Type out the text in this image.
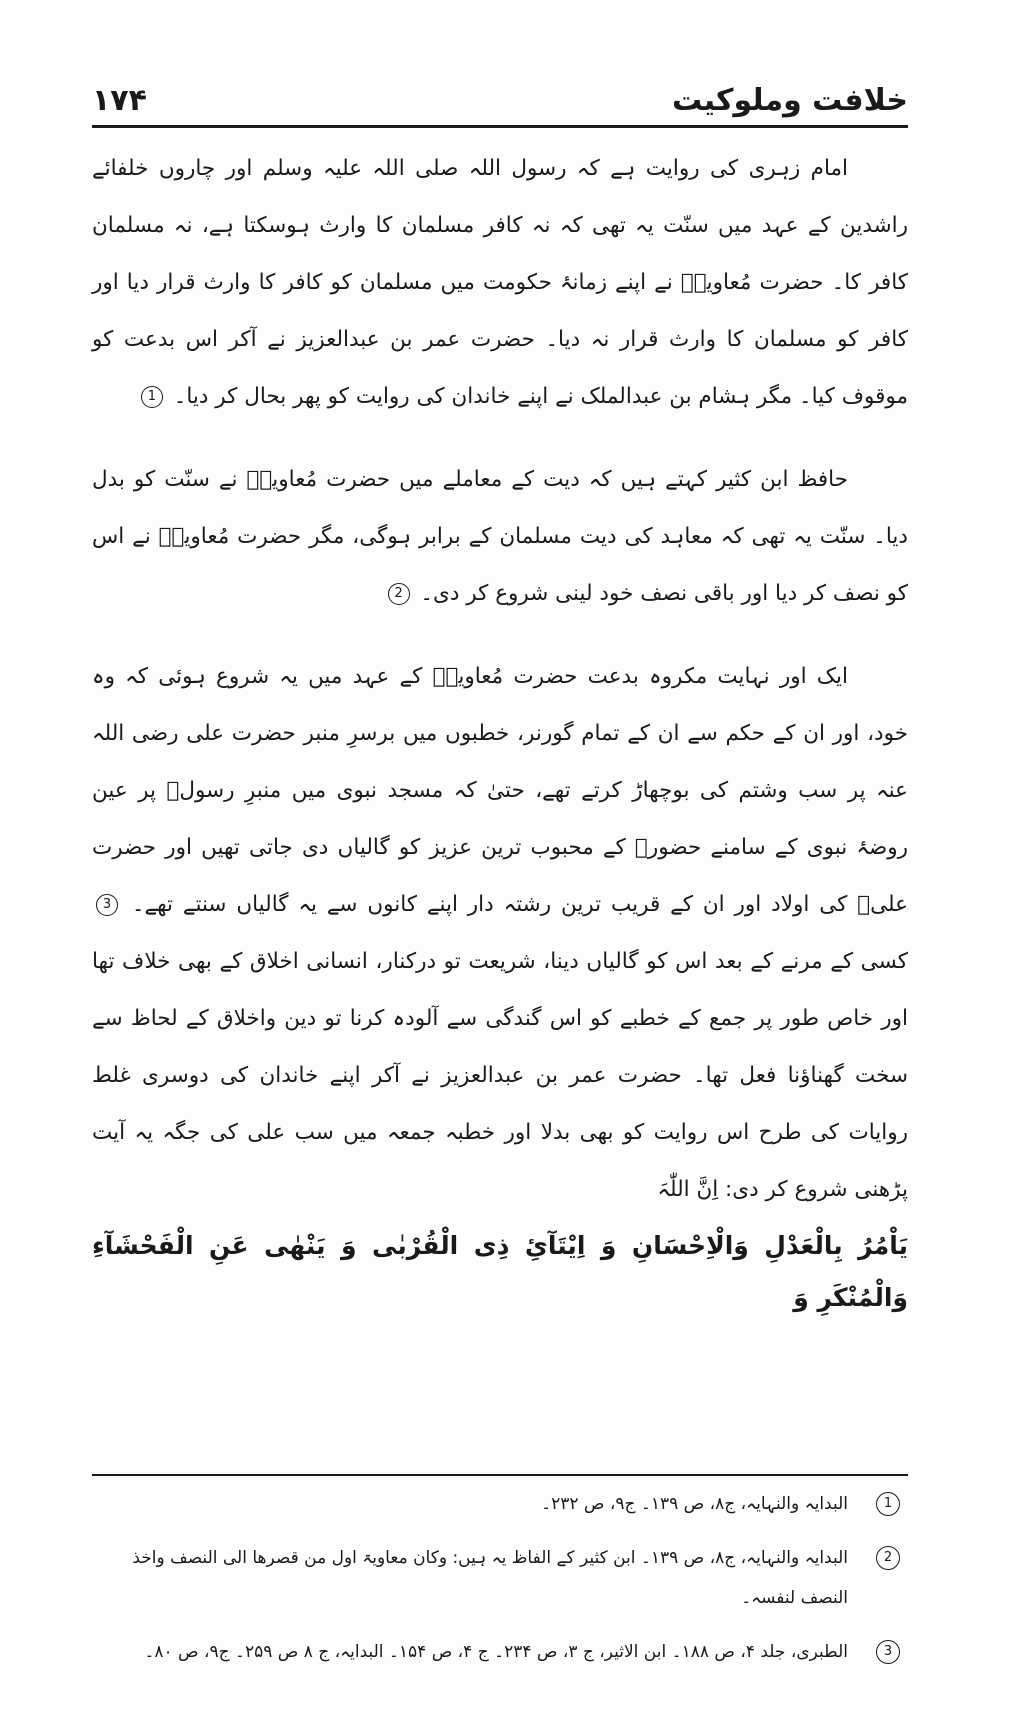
خلافت وملوکیت
۱۷۴

امام زہری کی روایت ہے کہ رسول اللہ صلی اللہ علیہ وسلم اور چاروں خلفائے راشدین کے عہد میں سنّت یہ تھی کہ نہ کافر مسلمان کا وارث ہوسکتا ہے، نہ مسلمان کافر کا۔ حضرت مُعاویہؓ نے اپنے زمانۂ حکومت میں مسلمان کو کافر کا وارث قرار دیا اور کافر کو مسلمان کا وارث قرار نہ دیا۔ حضرت عمر بن عبدالعزیز نے آکر اس بدعت کو موقوف کیا۔ مگر ہشام بن عبدالملک نے اپنے خاندان کی روایت کو پھر بحال کر دیا۔ 1

حافظ ابن کثیر کہتے ہیں کہ دیت کے معاملے میں حضرت مُعاویہؓ نے سنّت کو بدل دیا۔ سنّت یہ تھی کہ معاہد کی دیت مسلمان کے برابر ہوگی، مگر حضرت مُعاویہؓ نے اس کو نصف کر دیا اور باقی نصف خود لینی شروع کر دی۔ 2

ایک اور نہایت مکروہ بدعت حضرت مُعاویہؓ کے عہد میں یہ شروع ہوئی کہ وہ خود، اور ان کے حکم سے ان کے تمام گورنر، خطبوں میں برسرِ منبر حضرت علی رضی اللہ عنہ پر سب وشتم کی بوچھاڑ کرتے تھے، حتیٰ کہ مسجد نبوی میں منبرِ رسولؐ پر عین روضۂ نبوی کے سامنے حضورؐ کے محبوب ترین عزیز کو گالیاں دی جاتی تھیں اور حضرت علیؓ کی اولاد اور ان کے قریب ترین رشتہ دار اپنے کانوں سے یہ گالیاں سنتے تھے۔ 3 کسی کے مرنے کے بعد اس کو گالیاں دینا، شریعت تو درکنار، انسانی اخلاق کے بھی خلاف تھا اور خاص طور پر جمع کے خطبے کو اس گندگی سے آلودہ کرنا تو دین واخلاق کے لحاظ سے سخت گھناؤنا فعل تھا۔ حضرت عمر بن عبدالعزیز نے آکر اپنے خاندان کی دوسری غلط روایات کی طرح اس روایت کو بھی بدلا اور خطبہ جمعہ میں سب علی کی جگہ یہ آیت پڑھنی شروع کر دی: اِنَّ اللّٰہَ
یَاْمُرُ بِالْعَدْلِ وَالْاِحْسَانِ وَ اِیْتَآئِ ذِی الْقُرْبٰی وَ یَنْھٰی عَنِ الْفَحْشَآءِ وَالْمُنْکَرِ وَ

1
البدایہ والنہایہ، ج۸، ص ۱۳۹۔ ج۹، ص ۲۳۲۔
2
البدایہ والنہایہ، ج۸، ص ۱۳۹۔ ابن کثیر کے الفاظ یہ ہیں: وکان معاویۃ اول من قصرھا الی النصف واخذ النصف لنفسہ۔
3
الطبری، جلد ۴، ص ۱۸۸۔ ابن الاثیر، ج ۳، ص ۲۳۴۔ ج ۴، ص ۱۵۴۔ البدایہ، ج ۸ ص ۲۵۹۔ ج۹، ص ۸۰۔
